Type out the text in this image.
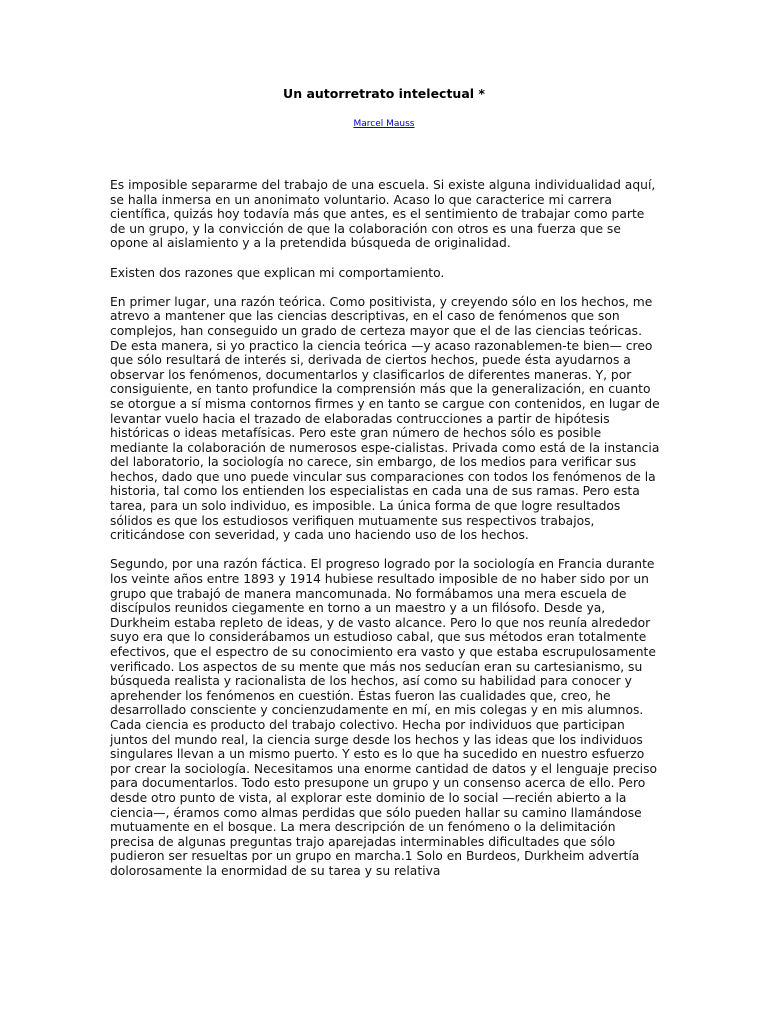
Un autorretrato intelectual *
Marcel Mauss

Es imposible separarme del trabajo de una escuela. Si existe alguna individualidad aquí, se halla inmersa en un anonimato voluntario. Acaso lo que caracterice mi carrera científica, quizás hoy todavía más que antes, es el sentimiento de trabajar como parte de un grupo, y la convicción de que la colaboración con otros es una fuerza que se opone al aislamiento y a la pretendida búsqueda de originalidad.

Existen dos razones que explican mi comportamiento.

En primer lugar, una razón teórica. Como positivista, y creyendo sólo en los hechos, me atrevo a mantener que las ciencias descriptivas, en el caso de fenómenos que son complejos, han conseguido un grado de certeza mayor que el de las ciencias teóricas. De esta manera, si yo practico la ciencia teórica —y acaso razonablemen-te bien— creo que sólo resultará de interés si, derivada de ciertos hechos, puede ésta ayudarnos a observar los fenómenos, documentarlos y clasificarlos de diferentes maneras. Y, por consiguiente, en tanto profundice la comprensión más que la generalización, en cuanto se otorgue a sí misma contornos firmes y en tanto se cargue con contenidos, en lugar de levantar vuelo hacia el trazado de elaboradas contrucciones a partir de hipótesis históricas o ideas metafísicas. Pero este gran número de hechos sólo es posible mediante la colaboración de numerosos espe-cialistas. Privada como está de la instancia del laboratorio, la sociología no carece, sin embargo, de los medios para verificar sus hechos, dado que uno puede vincular sus comparaciones con todos los fenómenos de la historia, tal como los entienden los especialistas en cada una de sus ramas. Pero esta tarea, para un solo individuo, es imposible. La única forma de que logre resultados sólidos es que los estudiosos verifiquen mutuamente sus respectivos trabajos, criticándose con severidad, y cada uno haciendo uso de los hechos.

Segundo, por una razón fáctica. El progreso logrado por la sociología en Francia durante los veinte años entre 1893 y 1914 hubiese resultado imposible de no haber sido por un grupo que trabajó de manera mancomunada. No formábamos una mera escuela de discípulos reunidos ciegamente en torno a un maestro y a un filósofo. Desde ya, Durkheim estaba repleto de ideas, y de vasto alcance. Pero lo que nos reunía alrededor suyo era que lo considerábamos un estudioso cabal, que sus métodos eran totalmente efectivos, que el espectro de su conocimiento era vasto y que estaba escrupulosamente verificado. Los aspectos de su mente que más nos seducían eran su cartesianismo, su búsqueda realista y racionalista de los hechos, así como su habilidad para conocer y aprehender los fenómenos en cuestión. Éstas fueron las cualidades que, creo, he desarrollado consciente y concienzudamente en mí, en mis colegas y en mis alumnos. Cada ciencia es producto del trabajo colectivo. Hecha por individuos que participan juntos del mundo real, la ciencia surge desde los hechos y las ideas que los individuos singulares llevan a un mismo puerto. Y esto es lo que ha sucedido en nuestro esfuerzo por crear la sociología. Necesitamos una enorme cantidad de datos y el lenguaje preciso para documentarlos. Todo esto presupone un grupo y un consenso acerca de ello. Pero desde otro punto de vista, al explorar este dominio de lo social —recién abierto a la ciencia—, éramos como almas perdidas que sólo pueden hallar su camino llamándose mutuamente en el bosque. La mera descripción de un fenómeno o la delimitación precisa de algunas preguntas trajo aparejadas interminables dificultades que sólo pudieron ser resueltas por un grupo en marcha.1 Solo en Burdeos, Durkheim advertía dolorosamente la enormidad de su tarea y su relativa
